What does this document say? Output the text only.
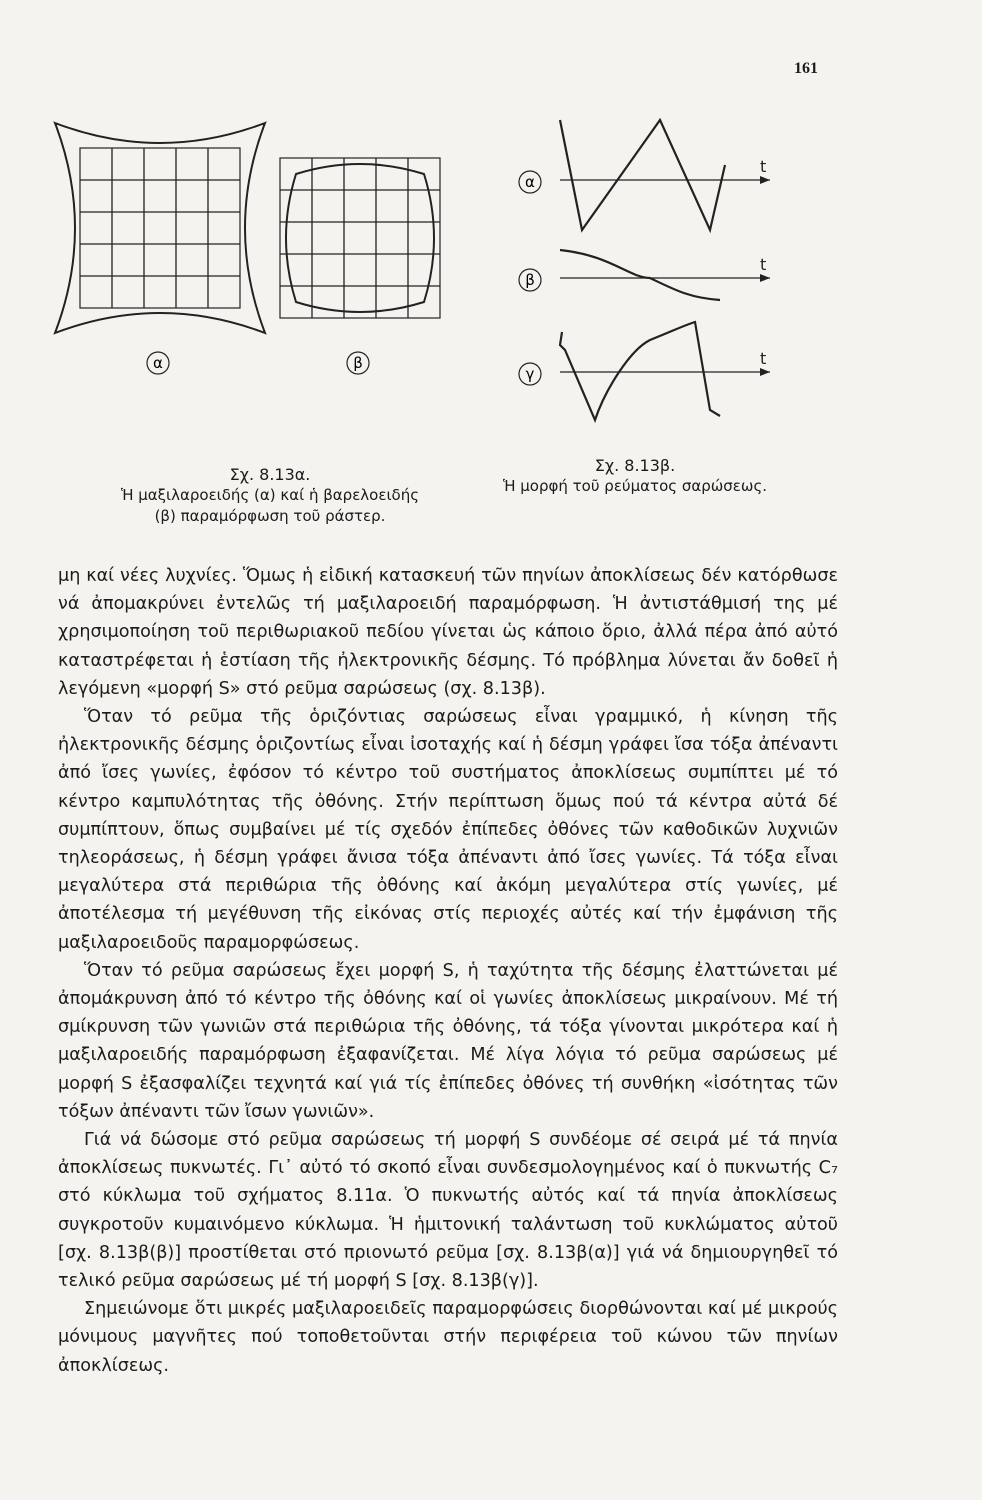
161
α	β
t
t
t
α
β
γ
Σχ. 8.13α.
Ἡ μαξιλαροειδής (α) καί ἡ βαρελοειδής
(β) παραμόρφωση τοῦ ράστερ.
Σχ. 8.13β.
Ἡ μορφή τοῦ ρεύματος σαρώσεως.

μη καί νέες λυχνίες. Ὅμως ἡ εἰδική κατασκευή τῶν πηνίων ἀποκλίσεως δέν κατόρθωσε νά ἀπομακρύνει ἐντελῶς τή μαξιλαροειδή παραμόρφωση. Ἡ ἀντιστάθμισή της μέ χρησιμοποίηση τοῦ περιθωριακοῦ πεδίου γίνεται ὡς κάποιο ὅριο, ἀλλά πέρα ἀπό αὐτό καταστρέφεται ἡ ἑστίαση τῆς ἠλεκτρονικῆς δέσμης. Τό πρόβλημα λύνεται ἄν δοθεῖ ἡ λεγόμενη «μορφή S» στό ρεῦμα σαρώσεως (σχ. 8.13β).

Ὅταν τό ρεῦμα τῆς ὁριζόντιας σαρώσεως εἶναι γραμμικό, ἡ κίνηση τῆς ἠλεκτρονικῆς δέσμης ὁριζοντίως εἶναι ἰσοταχής καί ἡ δέσμη γράφει ἴσα τόξα ἀπέναντι ἀπό ἴσες γωνίες, ἐφόσον τό κέντρο τοῦ συστήματος ἀποκλίσεως συμπίπτει μέ τό κέντρο καμπυλότητας τῆς ὀθόνης. Στήν περίπτωση ὅμως πού τά κέντρα αὐτά δέ συμπίπτουν, ὅπως συμβαίνει μέ τίς σχεδόν ἐπίπεδες ὀθόνες τῶν καθοδικῶν λυχνιῶν τηλεοράσεως, ἡ δέσμη γράφει ἄνισα τόξα ἀπέναντι ἀπό ἴσες γωνίες. Τά τόξα εἶναι μεγαλύτερα στά περιθώρια τῆς ὀθόνης καί ἀκόμη μεγαλύτερα στίς γωνίες, μέ ἀποτέλεσμα τή μεγέθυνση τῆς εἰκόνας στίς περιοχές αὐτές καί τήν ἐμφάνιση τῆς μαξιλαροειδοῦς παραμορφώσεως.

Ὅταν τό ρεῦμα σαρώσεως ἔχει μορφή S, ἡ ταχύτητα τῆς δέσμης ἐλαττώνεται μέ ἀπομάκρυνση ἀπό τό κέντρο τῆς ὀθόνης καί οἱ γωνίες ἀποκλίσεως μικραίνουν. Μέ τή σμίκρυνση τῶν γωνιῶν στά περιθώρια τῆς ὀθόνης, τά τόξα γίνονται μικρότερα καί ἡ μαξιλαροειδής παραμόρφωση ἐξαφανίζεται. Μέ λίγα λόγια τό ρεῦμα σαρώσεως μέ μορφή S ἐξασφαλίζει τεχνητά καί γιά τίς ἐπίπεδες ὀθόνες τή συνθήκη «ἰσότητας τῶν τόξων ἀπέναντι τῶν ἴσων γωνιῶν».

Γιά νά δώσομε στό ρεῦμα σαρώσεως τή μορφή S συνδέομε σέ σειρά μέ τά πηνία ἀποκλίσεως πυκνωτές. Γι᾽ αὐτό τό σκοπό εἶναι συνδεσμολογημένος καί ὁ πυκνωτής C₇ στό κύκλωμα τοῦ σχήματος 8.11α. Ὁ πυκνωτής αὐτός καί τά πηνία ἀποκλίσεως συγκροτοῦν κυμαινόμενο κύκλωμα. Ἡ ἡμιτονική ταλάντωση τοῦ κυκλώματος αὐτοῦ [σχ. 8.13β(β)] προστίθεται στό πριονωτό ρεῦμα [σχ. 8.13β(α)] γιά νά δημιουργηθεῖ τό τελικό ρεῦμα σαρώσεως μέ τή μορφή S [σχ. 8.13β(γ)].

Σημειώνομε ὅτι μικρές μαξιλαροειδεῖς παραμορφώσεις διορθώνονται καί μέ μικρούς μόνιμους μαγνῆτες πού τοποθετοῦνται στήν περιφέρεια τοῦ κώνου τῶν πηνίων ἀποκλίσεως.
